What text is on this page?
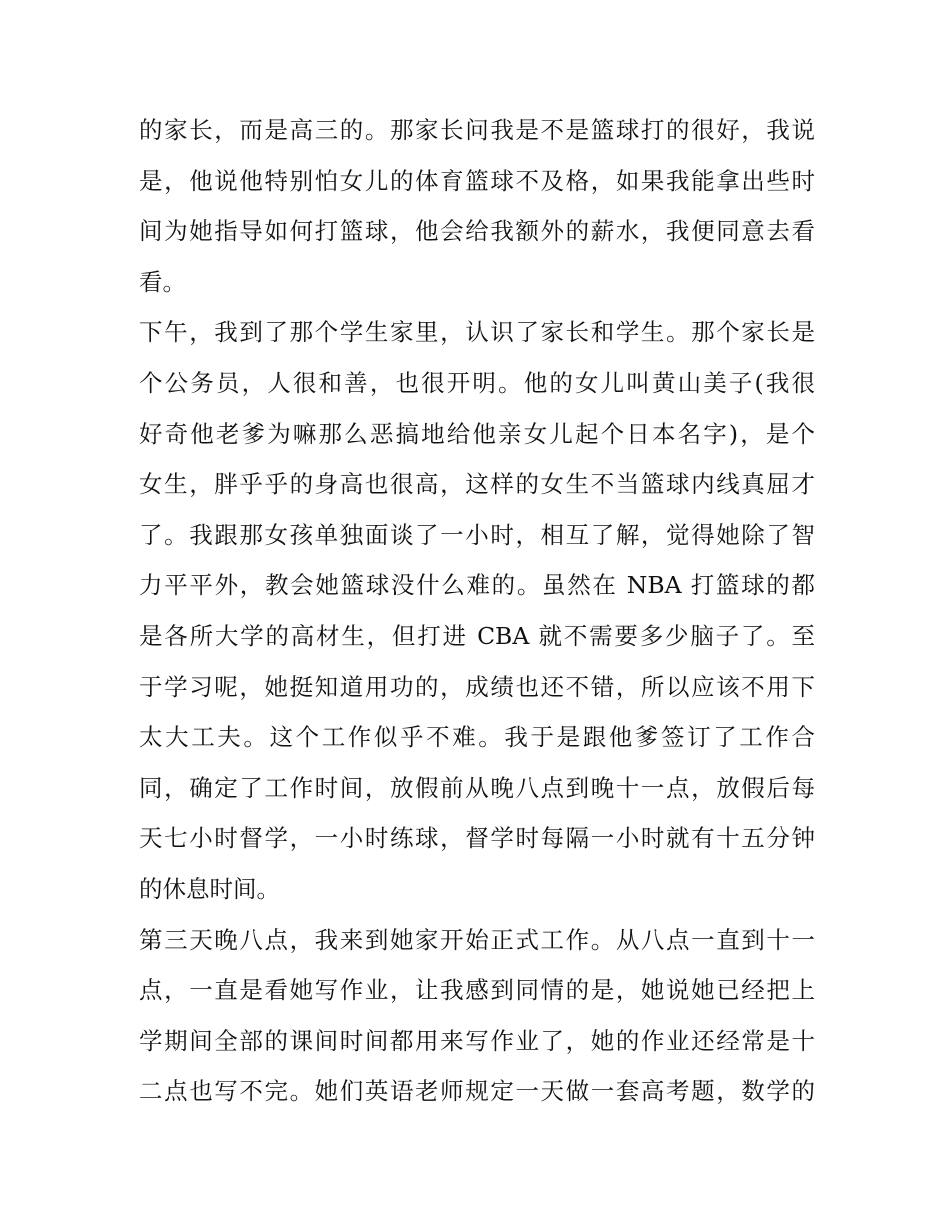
的家长，而是高三的。那家长问我是不是篮球打的很好，我说
是，他说他特别怕女儿的体育篮球不及格，如果我能拿出些时
间为她指导如何打篮球，他会给我额外的薪水，我便同意去看
看。
下午，我到了那个学生家里，认识了家长和学生。那个家长是
个公务员，人很和善，也很开明。他的女儿叫黄山美子(我很
好奇他老爹为嘛那么恶搞地给他亲女儿起个日本名字)，是个
女生，胖乎乎的身高也很高，这样的女生不当篮球内线真屈才
了。我跟那女孩单独面谈了一小时，相互了解，觉得她除了智
力平平外，教会她篮球没什么难的。虽然在 NBA 打篮球的都
是各所大学的高材生，但打进 CBA 就不需要多少脑子了。至
于学习呢，她挺知道用功的，成绩也还不错，所以应该不用下
太大工夫。这个工作似乎不难。我于是跟他爹签订了工作合
同，确定了工作时间，放假前从晚八点到晚十一点，放假后每
天七小时督学，一小时练球，督学时每隔一小时就有十五分钟
的休息时间。
第三天晚八点，我来到她家开始正式工作。从八点一直到十一
点，一直是看她写作业，让我感到同情的是，她说她已经把上
学期间全部的课间时间都用来写作业了，她的作业还经常是十
二点也写不完。她们英语老师规定一天做一套高考题，数学的
